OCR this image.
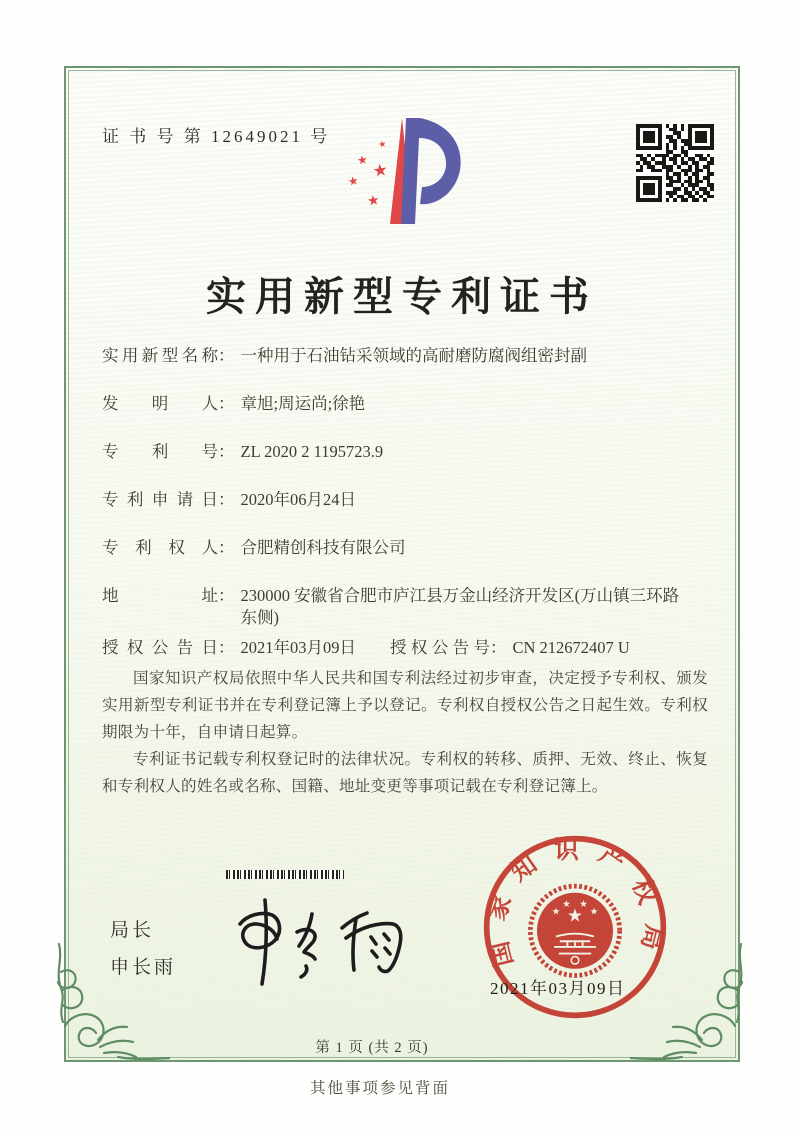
证 书 号 第 12649021 号	★
★
★
★
★
实用新型专利证书
实用新型名称 ： 一种用于石油钻采领域的高耐磨防腐阀组密封副
发明人 ： 章旭;周运尚;徐艳
专利号 ： ZL 2020 2 1195723.9
专利申请日 ： 2020年06月24日
专利权人 ： 合肥精创科技有限公司
地址 ： 230000 安徽省合肥市庐江县万金山经济开发区(万山镇三环路东侧)
授权公告日 ： 2021年03月09日 授权公告号 ： CN 212672407 U

国家知识产权局依照中华人民共和国专利法经过初步审查，决定授予专利权、颁发实用新型专利证书并在专利登记簿上予以登记。专利权自授权公告之日起生效。专利权期限为十年，自申请日起算。

专利证书记载专利权登记时的法律状况。专利权的转移、质押、无效、终止、恢复和专利权人的姓名或名称、国籍、地址变更等事项记载在专利登记簿上。

局长
申长雨	国家知识产权局
★
★
★ ★
★
2021年03月09日
第 1 页 (共 2 页)
其他事项参见背面
